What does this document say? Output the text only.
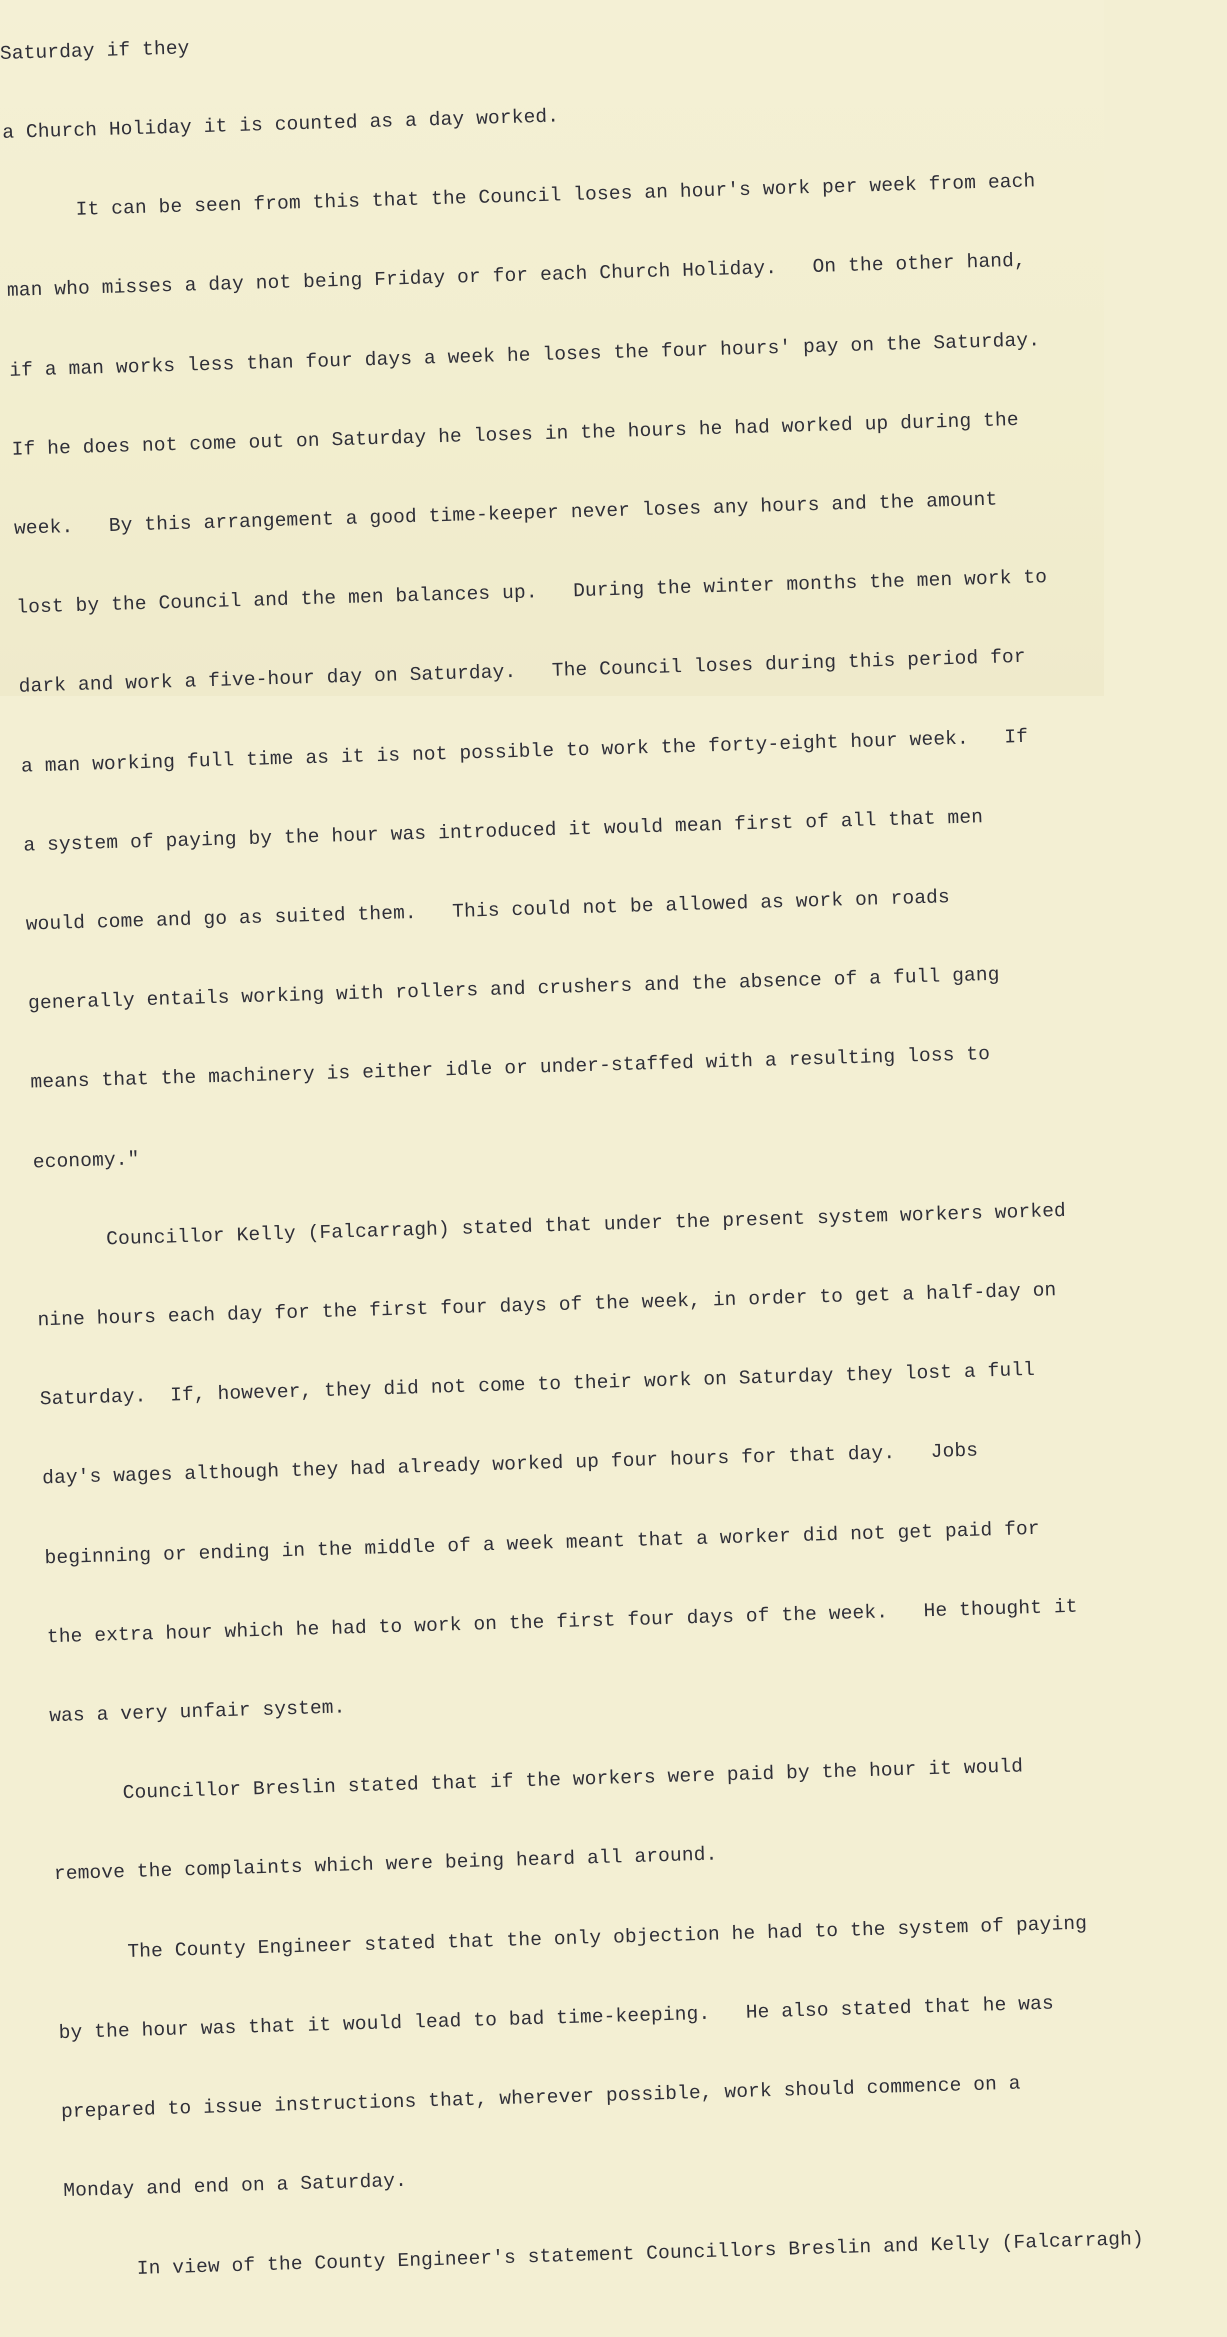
Saturday if they

a Church Holiday it is counted as a day worked.

It can be seen from this that the Council loses an hour's work per week from each

man who misses a day not being Friday or for each Church Holiday.   On the other hand,

if a man works less than four days a week he loses the four hours' pay on the Saturday.

If he does not come out on Saturday he loses in the hours he had worked up during the

week.   By this arrangement a good time-keeper never loses any hours and the amount

lost by the Council and the men balances up.   During the winter months the men work to

dark and work a five-hour day on Saturday.   The Council loses during this period for

a man working full time as it is not possible to work the forty-eight hour week.   If

a system of paying by the hour was introduced it would mean first of all that men

would come and go as suited them.   This could not be allowed as work on roads

generally entails working with rollers and crushers and the absence of a full gang

means that the machinery is either idle or under-staffed with a resulting loss to

economy."

Councillor Kelly (Falcarragh) stated that under the present system workers worked

nine hours each day for the first four days of the week, in order to get a half-day on

Saturday.  If, however, they did not come to their work on Saturday they lost a full

day's wages although they had already worked up four hours for that day.   Jobs

beginning or ending in the middle of a week meant that a worker did not get paid for

the extra hour which he had to work on the first four days of the week.   He thought it

was a very unfair system.

Councillor Breslin stated that if the workers were paid by the hour it would

remove the complaints which were being heard all around.

The County Engineer stated that the only objection he had to the system of paying

by the hour was that it would lead to bad time-keeping.   He also stated that he was

prepared to issue instructions that, wherever possible, work should commence on a

Monday and end on a Saturday.

In view of the County Engineer's statement Councillors Breslin and Kelly (Falcarragh)
